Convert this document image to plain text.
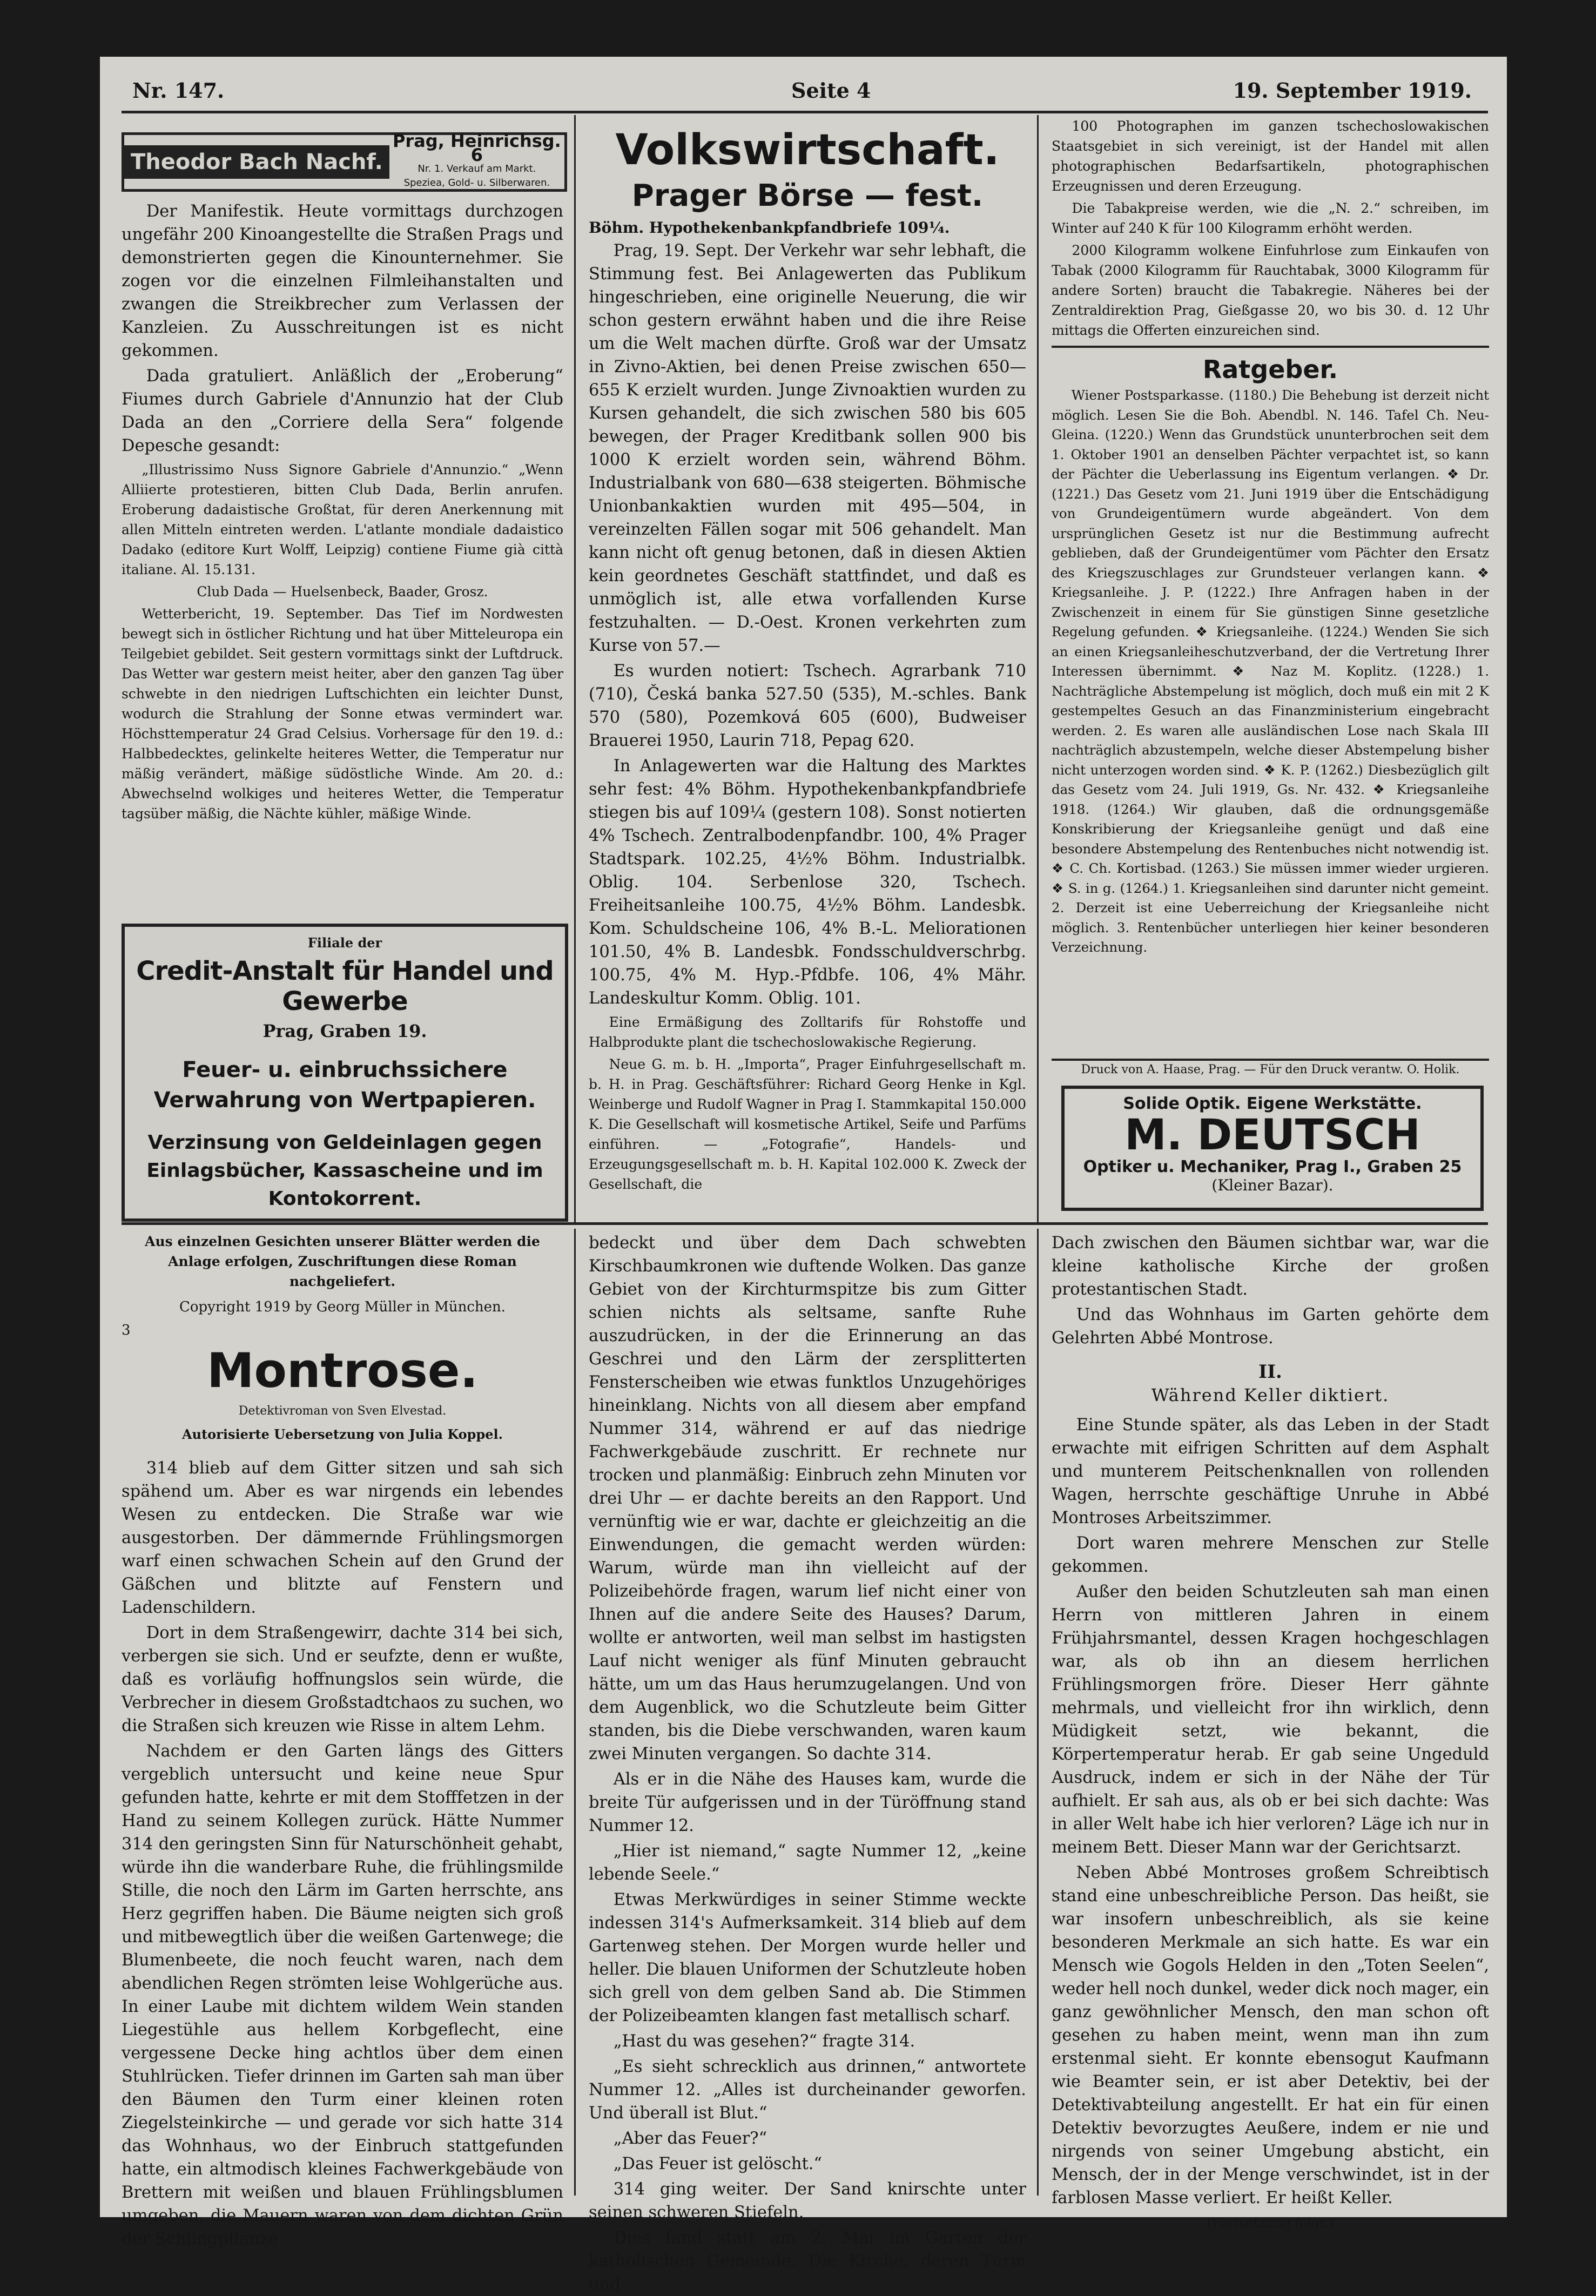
Nr. 147.	Seite 4	19. September 1919.
Theodor Bach Nachf.
Prag, Heinrichsg. 6
Nr. 1. Verkauf am Markt.
Speziea, Gold- u. Silberwaren.

Der Manifestik. Heute vormittags durchzogen ungefähr 200 Kinoangestellte die Straßen Prags und demonstrierten gegen die Kinounternehmer. Sie zogen vor die einzelnen Filmleihanstalten und zwangen die Streikbrecher zum Verlassen der Kanzleien. Zu Ausschreitungen ist es nicht gekommen.

Dada gratuliert. Anläßlich der „Eroberung“ Fiumes durch Gabriele d'Annunzio hat der Club Dada an den „Corriere della Sera“ folgende Depesche gesandt:

„Illustrissimo Nuss Signore Gabriele d'Annunzio.“ „Wenn Alliierte protestieren, bitten Club Dada, Berlin anrufen. Eroberung dadaistische Großtat, für deren Anerkennung mit allen Mitteln eintreten werden. L'atlante mondiale dadaistico Dadako (editore Kurt Wolff, Leipzig) contiene Fiume già città italiane. Al. 15.131.

Club Dada — Huelsenbeck, Baader, Grosz.

Wetterbericht, 19. September. Das Tief im Nordwesten bewegt sich in östlicher Richtung und hat über Mitteleuropa ein Teilgebiet gebildet. Seit gestern vormittags sinkt der Luftdruck. Das Wetter war gestern meist heiter, aber den ganzen Tag über schwebte in den niedrigen Luftschichten ein leichter Dunst, wodurch die Strahlung der Sonne etwas vermindert war. Höchsttemperatur 24 Grad Celsius. Vorhersage für den 19. d.: Halbbedecktes, gelinkelte heiteres Wetter, die Temperatur nur mäßig verändert, mäßige südöstliche Winde. Am 20. d.: Abwechselnd wolkiges und heiteres Wetter, die Temperatur tagsüber mäßig, die Nächte kühler, mäßige Winde.

Filiale der
Credit-Anstalt für Handel und Gewerbe
Prag, Graben 19.
Feuer- u. einbruchssichere Verwahrung von Wertpapieren.
Verzinsung von Geldeinlagen gegen Einlagsbücher, Kassascheine und im Kontokorrent.
Volkswirtschaft.
Prager Börse — fest.
Böhm. Hypothekenbankpfandbriefe 109¼.

Prag, 19. Sept. Der Verkehr war sehr lebhaft, die Stimmung fest. Bei Anlagewerten das Publikum hingeschrieben, eine originelle Neuerung, die wir schon gestern erwähnt haben und die ihre Reise um die Welt machen dürfte. Groß war der Umsatz in Zivno-Aktien, bei denen Preise zwischen 650—655 K erzielt wurden. Junge Zivnoaktien wurden zu Kursen gehandelt, die sich zwischen 580 bis 605 bewegen, der Prager Kreditbank sollen 900 bis 1000 K erzielt worden sein, während Böhm. Industrialbank von 680—638 steigerten. Böhmische Unionbankaktien wurden mit 495—504, in vereinzelten Fällen sogar mit 506 gehandelt. Man kann nicht oft genug betonen, daß in diesen Aktien kein geordnetes Geschäft stattfindet, und daß es unmöglich ist, alle etwa vorfallenden Kurse festzuhalten. — D.-Oest. Kronen verkehrten zum Kurse von 57.—

Es wurden notiert: Tschech. Agrarbank 710 (710), Česká banka 527.50 (535), M.-schles. Bank 570 (580), Pozemková 605 (600), Budweiser Brauerei 1950, Laurin 718, Pepag 620.

In Anlagewerten war die Haltung des Marktes sehr fest: 4% Böhm. Hypothekenbankpfandbriefe stiegen bis auf 109¼ (gestern 108). Sonst notierten 4% Tschech. Zentralbodenpfandbr. 100, 4% Prager Stadtspark. 102.25, 4½% Böhm. Industrialbk. Oblig. 104. Serbenlose 320, Tschech. Freiheitsanleihe 100.75, 4½% Böhm. Landesbk. Kom. Schuldscheine 106, 4% B.-L. Meliorationen 101.50, 4% B. Landesbk. Fondsschuldverschrbg. 100.75, 4% M. Hyp.-Pfdbfe. 106, 4% Mähr. Landeskultur Komm. Oblig. 101.

Eine Ermäßigung des Zolltarifs für Rohstoffe und Halbprodukte plant die tschechoslowakische Regierung.

Neue G. m. b. H. „Importa“, Prager Einfuhrgesellschaft m. b. H. in Prag. Geschäftsführer: Richard Georg Henke in Kgl. Weinberge und Rudolf Wagner in Prag I. Stammkapital 150.000 K. Die Gesellschaft will kosmetische Artikel, Seife und Parfüms einführen. — „Fotografie“, Handels- und Erzeugungsgesellschaft m. b. H. Kapital 102.000 K. Zweck der Gesellschaft, die

100 Photographen im ganzen tschechoslowakischen Staatsgebiet in sich vereinigt, ist der Handel mit allen photographischen Bedarfsartikeln, photographischen Erzeugnissen und deren Erzeugung.

Die Tabakpreise werden, wie die „N. 2.“ schreiben, im Winter auf 240 K für 100 Kilogramm erhöht werden.

2000 Kilogramm wolkene Einfuhrlose zum Einkaufen von Tabak (2000 Kilogramm für Rauchtabak, 3000 Kilogramm für andere Sorten) braucht die Tabakregie. Näheres bei der Zentraldirektion Prag, Gießgasse 20, wo bis 30. d. 12 Uhr mittags die Offerten einzureichen sind.

Ratgeber.

Wiener Postsparkasse. (1180.) Die Behebung ist derzeit nicht möglich. Lesen Sie die Boh. Abendbl. N. 146. Tafel Ch. Neu-Gleina. (1220.) Wenn das Grundstück ununterbrochen seit dem 1. Oktober 1901 an denselben Pächter verpachtet ist, so kann der Pächter die Ueberlassung ins Eigentum verlangen. ❖ Dr. (1221.) Das Gesetz vom 21. Juni 1919 über die Entschädigung von Grundeigentümern wurde abgeändert. Von dem ursprünglichen Gesetz ist nur die Bestimmung aufrecht geblieben, daß der Grundeigentümer vom Pächter den Ersatz des Kriegszuschlages zur Grundsteuer verlangen kann. ❖ Kriegsanleihe. J. P. (1222.) Ihre Anfragen haben in der Zwischenzeit in einem für Sie günstigen Sinne gesetzliche Regelung gefunden. ❖ Kriegsanleihe. (1224.) Wenden Sie sich an einen Kriegsanleiheschutzverband, der die Vertretung Ihrer Interessen übernimmt. ❖ Naz M. Koplitz. (1228.) 1. Nachträgliche Abstempelung ist möglich, doch muß ein mit 2 K gestempeltes Gesuch an das Finanzministerium eingebracht werden. 2. Es waren alle ausländischen Lose nach Skala III nachträglich abzustempeln, welche dieser Abstempelung bisher nicht unterzogen worden sind. ❖ K. P. (1262.) Diesbezüglich gilt das Gesetz vom 24. Juli 1919, Gs. Nr. 432. ❖ Kriegsanleihe 1918. (1264.) Wir glauben, daß die ordnungsgemäße Konskribierung der Kriegsanleihe genügt und daß eine besondere Abstempelung des Rentenbuches nicht notwendig ist. ❖ C. Ch. Kortisbad. (1263.) Sie müssen immer wieder urgieren. ❖ S. in g. (1264.) 1. Kriegsanleihen sind darunter nicht gemeint. 2. Derzeit ist eine Ueberreichung der Kriegsanleihe nicht möglich. 3. Rentenbücher unterliegen hier keiner besonderen Verzeichnung.

Druck von A. Haase, Prag. — Für den Druck verantw. O. Holik.
Solide Optik. Eigene Werkstätte.
M. DEUTSCH
Optiker u. Mechaniker, Prag I., Graben 25
(Kleiner Bazar).

Aus einzelnen Gesichten unserer Blätter werden die Anlage erfolgen, Zuschriftungen diese Roman nachgeliefert.

Copyright 1919 by Georg Müller in München.
3
Montrose.
Detektivroman von Sven Elvestad.
Autorisierte Uebersetzung von Julia Koppel.

314 blieb auf dem Gitter sitzen und sah sich spähend um. Aber es war nirgends ein lebendes Wesen zu entdecken. Die Straße war wie ausgestorben. Der dämmernde Frühlingsmorgen warf einen schwachen Schein auf den Grund der Gäßchen und blitzte auf Fenstern und Ladenschildern.

Dort in dem Straßengewirr, dachte 314 bei sich, verbergen sie sich. Und er seufzte, denn er wußte, daß es vorläufig hoffnungslos sein würde, die Verbrecher in diesem Großstadtchaos zu suchen, wo die Straßen sich kreuzen wie Risse in altem Lehm.

Nachdem er den Garten längs des Gitters vergeblich untersucht und keine neue Spur gefunden hatte, kehrte er mit dem Stofffetzen in der Hand zu seinem Kollegen zurück. Hätte Nummer 314 den geringsten Sinn für Naturschönheit gehabt, würde ihn die wanderbare Ruhe, die frühlingsmilde Stille, die noch den Lärm im Garten herrschte, ans Herz gegriffen haben. Die Bäume neigten sich groß und mitbewegtlich über die weißen Gartenwege; die Blumenbeete, die noch feucht waren, nach dem abendlichen Regen strömten leise Wohlgerüche aus. In einer Laube mit dichtem wildem Wein standen Liegestühle aus hellem Korbgeflecht, eine vergessene Decke hing achtlos über dem einen Stuhlrücken. Tiefer drinnen im Garten sah man über den Bäumen den Turm einer kleinen roten Ziegelsteinkirche — und gerade vor sich hatte 314 das Wohnhaus, wo der Einbruch stattgefunden hatte, ein altmodisch kleines Fachwerkgebäude von Brettern mit weißen und blauen Frühlingsblumen umgeben, die Mauern waren von dem dichten Grün der Schlingpflanze

bedeckt und über dem Dach schwebten Kirschbaumkronen wie duftende Wolken. Das ganze Gebiet von der Kirchturmspitze bis zum Gitter schien nichts als seltsame, sanfte Ruhe auszudrücken, in der die Erinnerung an das Geschrei und den Lärm der zersplitterten Fensterscheiben wie etwas funktlos Unzugehöriges hineinklang. Nichts von all diesem aber empfand Nummer 314, während er auf das niedrige Fachwerkgebäude zuschritt. Er rechnete nur trocken und planmäßig: Einbruch zehn Minuten vor drei Uhr — er dachte bereits an den Rapport. Und vernünftig wie er war, dachte er gleichzeitig an die Einwendungen, die gemacht werden würden: Warum, würde man ihn vielleicht auf der Polizeibehörde fragen, warum lief nicht einer von Ihnen auf die andere Seite des Hauses? Darum, wollte er antworten, weil man selbst im hastigsten Lauf nicht weniger als fünf Minuten gebraucht hätte, um um das Haus herumzugelangen. Und von dem Augenblick, wo die Schutzleute beim Gitter standen, bis die Diebe verschwanden, waren kaum zwei Minuten vergangen. So dachte 314.

Als er in die Nähe des Hauses kam, wurde die breite Tür aufgerissen und in der Türöffnung stand Nummer 12.

„Hier ist niemand,“ sagte Nummer 12, „keine lebende Seele.“

Etwas Merkwürdiges in seiner Stimme weckte indessen 314's Aufmerksamkeit. 314 blieb auf dem Gartenweg stehen. Der Morgen wurde heller und heller. Die blauen Uniformen der Schutzleute hoben sich grell von dem gelben Sand ab. Die Stimmen der Polizeibeamten klangen fast metallisch scharf.

„Hast du was gesehen?“ fragte 314.

„Es sieht schrecklich aus drinnen,“ antwortete Nummer 12. „Alles ist durcheinander geworfen. Und überall ist Blut.“

„Aber das Feuer?“

„Das Feuer ist gelöscht.“

314 ging weiter. Der Sand knirschte unter seinen schweren Stiefeln.

Dies fand statt am 2. Mai im Garten der katholischen Gemeinde. Die Kirche, deren Turm und

Dach zwischen den Bäumen sichtbar war, war die kleine katholische Kirche der großen protestantischen Stadt.

Und das Wohnhaus im Garten gehörte dem Gelehrten Abbé Montrose.

II.
Während Keller diktiert.

Eine Stunde später, als das Leben in der Stadt erwachte mit eifrigen Schritten auf dem Asphalt und munterem Peitschenknallen von rollenden Wagen, herrschte geschäftige Unruhe in Abbé Montroses Arbeitszimmer.

Dort waren mehrere Menschen zur Stelle gekommen.

Außer den beiden Schutzleuten sah man einen Herrn von mittleren Jahren in einem Frühjahrsmantel, dessen Kragen hochgeschlagen war, als ob ihn an diesem herrlichen Frühlingsmorgen fröre. Dieser Herr gähnte mehrmals, und vielleicht fror ihn wirklich, denn Müdigkeit setzt, wie bekannt, die Körpertemperatur herab. Er gab seine Ungeduld Ausdruck, indem er sich in der Nähe der Tür aufhielt. Er sah aus, als ob er bei sich dachte: Was in aller Welt habe ich hier verloren? Läge ich nur in meinem Bett. Dieser Mann war der Gerichtsarzt.

Neben Abbé Montroses großem Schreibtisch stand eine unbeschreibliche Person. Das heißt, sie war insofern unbeschreiblich, als sie keine besonderen Merkmale an sich hatte. Es war ein Mensch wie Gogols Helden in den „Toten Seelen“, weder hell noch dunkel, weder dick noch mager, ein ganz gewöhnlicher Mensch, den man schon oft gesehen zu haben meint, wenn man ihn zum erstenmal sieht. Er konnte ebensogut Kaufmann wie Beamter sein, er ist aber Detektiv, bei der Detektivabteilung angestellt. Er hat ein für einen Detektiv bevorzugtes Aeußere, indem er nie und nirgends von seiner Umgebung absticht, ein Mensch, der in der Menge verschwindet, ist in der farblosen Masse verliert. Er heißt Keller.

(Fortsetzung folgt.)
